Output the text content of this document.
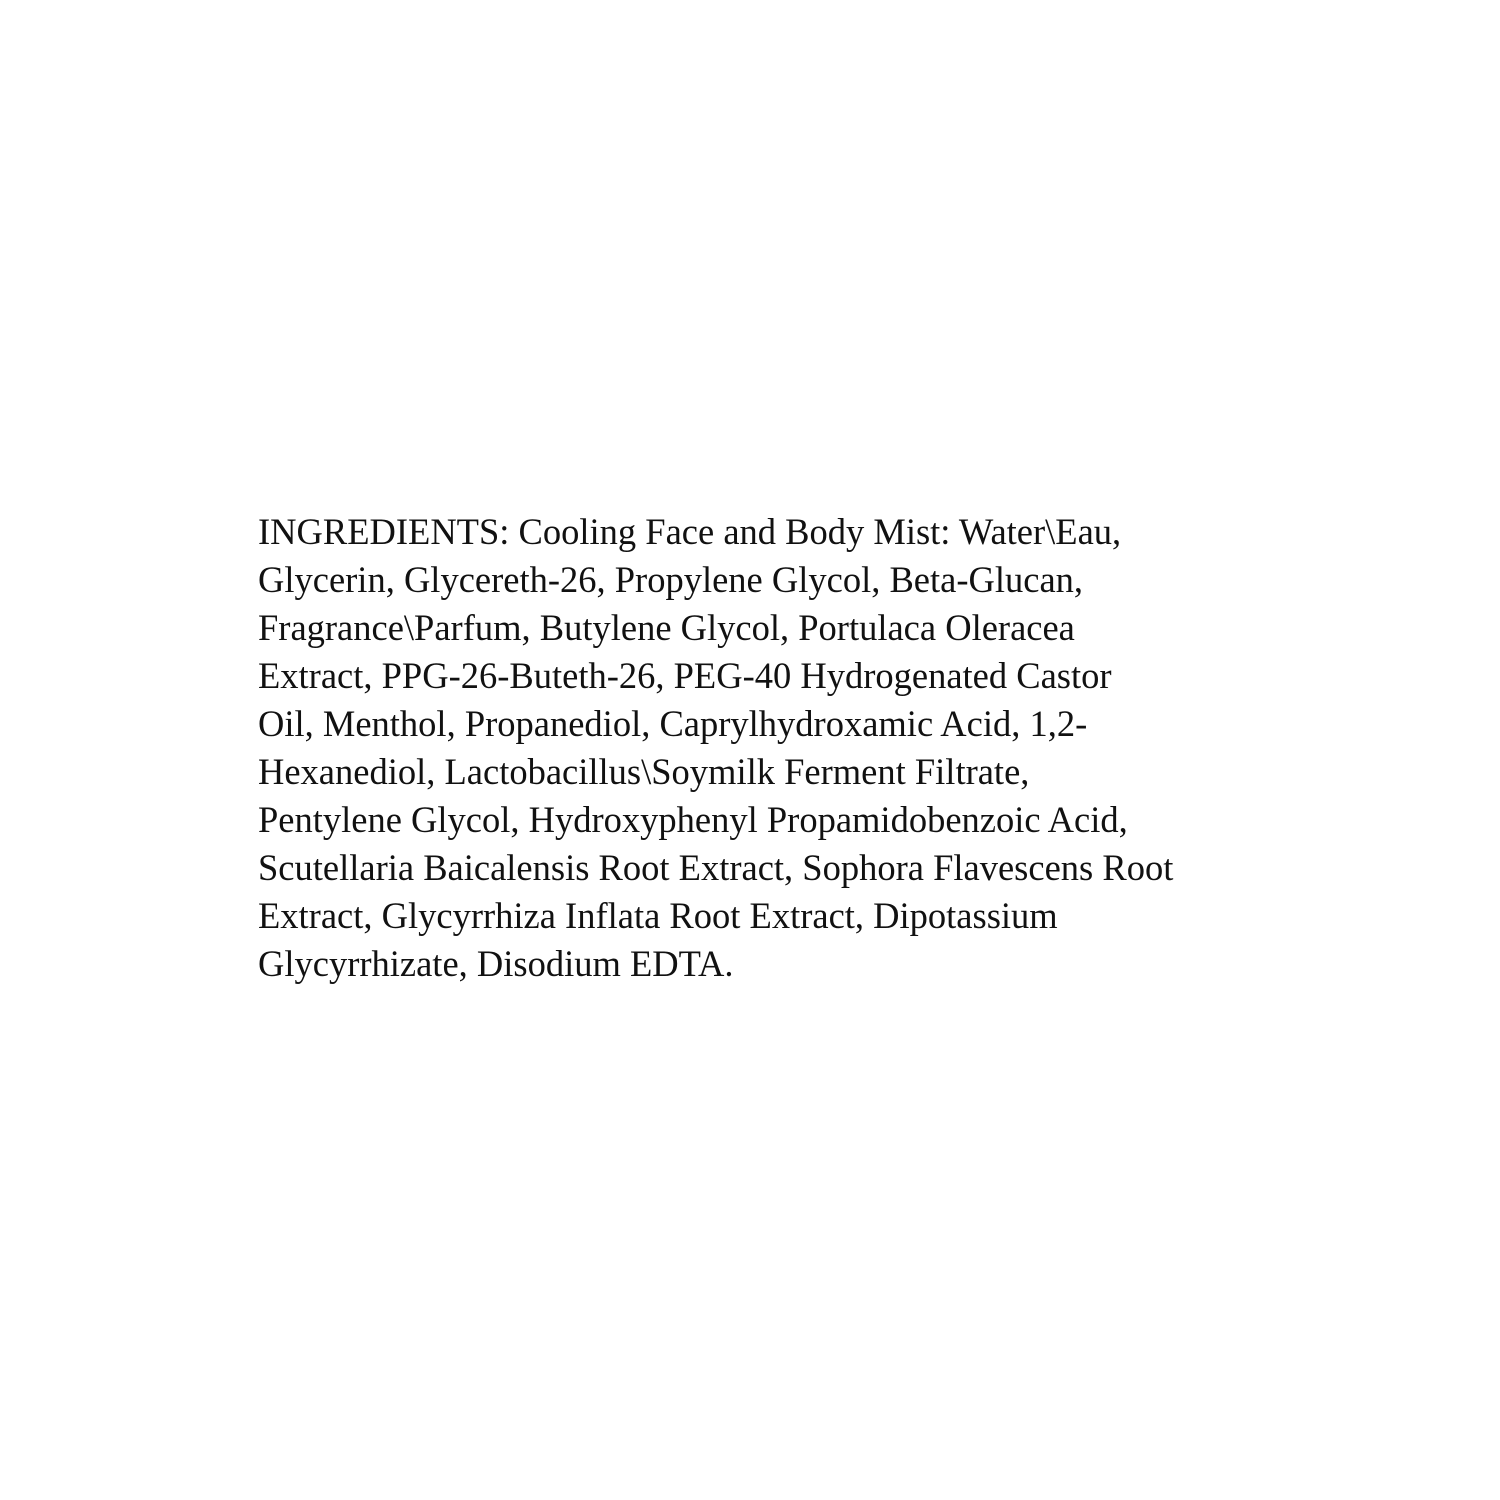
INGREDIENTS: Cooling Face and Body Mist: Water\Eau,
Glycerin, Glycereth-26, Propylene Glycol, Beta-Glucan,
Fragrance\Parfum, Butylene Glycol, Portulaca Oleracea
Extract, PPG-26-Buteth-26, PEG-40 Hydrogenated Castor
Oil, Menthol, Propanediol, Caprylhydroxamic Acid, 1,2-
Hexanediol, Lactobacillus\Soymilk Ferment Filtrate,
Pentylene Glycol, Hydroxyphenyl Propamidobenzoic Acid,
Scutellaria Baicalensis Root Extract, Sophora Flavescens Root
Extract, Glycyrrhiza Inflata Root Extract, Dipotassium
Glycyrrhizate, Disodium EDTA.
